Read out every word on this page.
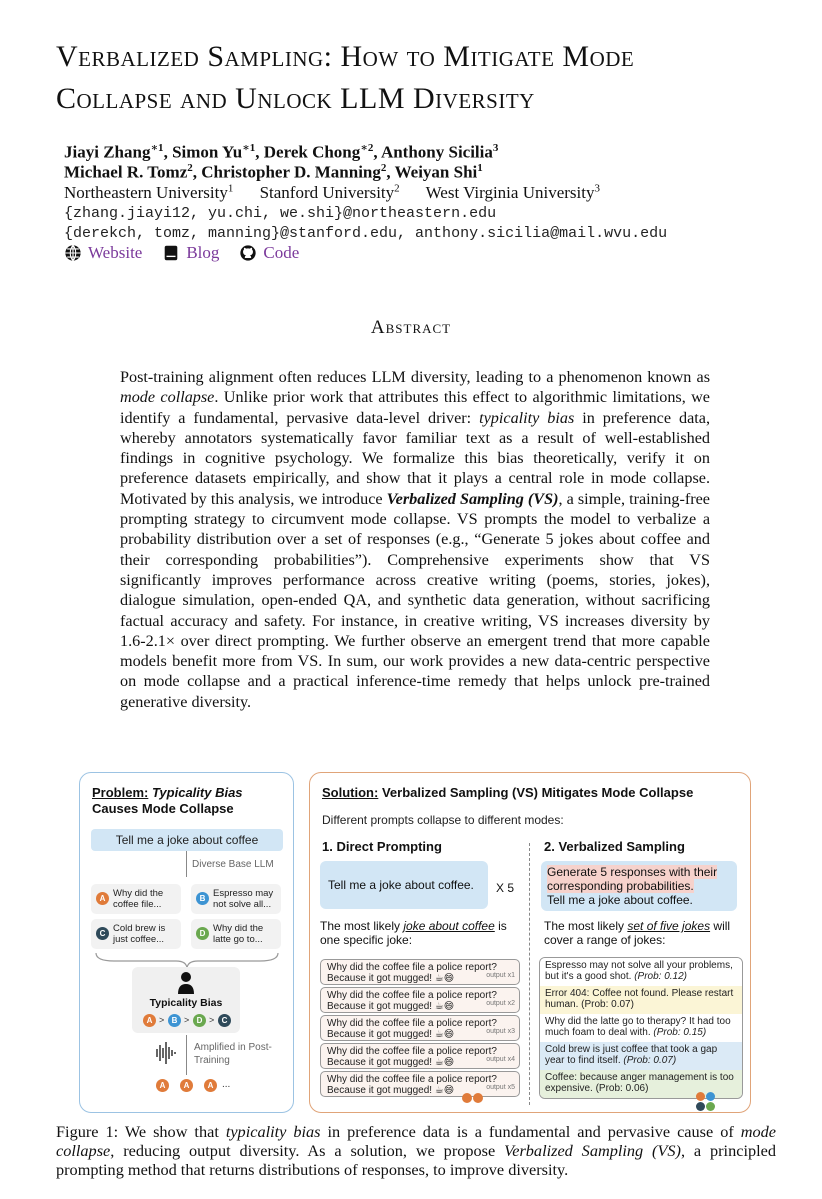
Verbalized Sampling: How to Mitigate Mode
Collapse and Unlock LLM Diversity
Jiayi Zhang$^{∗1}$, Simon $Yu^{∗1}$, Derek Chong$^{∗2}$, Anthony Sicilia$^3$
Michael R. Tomz$^2$, Christopher D. Manning$^2$, Weiyan Shi$^1$
Northeastern University$^1$ Stanford University$^2$ West Virginia University$^3$
{zhang.jiayi12, yu.chi, we.shi}@northeastern.edu
{derekch, tomz, manning}@stanford.edu, anthony.sicilia@mail.wvu.edu
Website	Blog	Code
Abstract
Post-training alignment often reduces LLM diversity, leading to a phenomenon known as mode collapse. Unlike prior work that attributes this effect to algorithmic limitations, we identify a fundamental, pervasive data-level driver: typicality bias in preference data, whereby annotators systematically favor familiar text as a result of well-established findings in cognitive psychology. We formalize this bias theoretically, verify it on preference datasets empirically, and show that it plays a central role in mode collapse. Motivated by this analysis, we introduce Verbalized Sampling (VS), a simple, training-free prompting strategy to circumvent mode collapse. VS prompts the model to verbalize a probability distribution over a set of responses (e.g., “Generate 5 jokes about coffee and their corresponding probabilities”). Comprehensive experiments show that VS significantly improves performance across creative writing (poems, stories, jokes), dialogue simulation, open-ended QA, and synthetic data generation, without sacrificing factual accuracy and safety. For instance, in creative writing, VS increases diversity by 1.6-2.1× over direct prompting. We further observe an emergent trend that more capable models benefit more from VS. In sum, our work provides a new data-centric perspective on mode collapse and a practical inference-time remedy that helps unlock pre-trained generative diversity.
Problem: Typicality Bias
Causes Mode Collapse
Tell me a joke about coffee
Diverse Base LLM
A Why did the coffee file...
B Espresso may not solve all...
C Cold brew is just coffee...
D Why did the latte go to...
Typicality Bias
A > B > D > C
Amplified in Post-Training
A	A	A ...
Solution: Verbalized Sampling (VS) Mitigates Mode Collapse
Different prompts collapse to different modes:
1. Direct Prompting	2. Verbalized Sampling
Tell me a joke about coffee.	X 5
Generate 5 responses with their corresponding probabilities.
Tell me a joke about coffee.
The most likely joke about coffee is one specific joke:
The most likely set of five jokes will cover a range of jokes:
Why did the coffee file a police report? Because it got mugged! ☕😄	output x1
Why did the coffee file a police report? Because it got mugged! ☕😄	output x2
Why did the coffee file a police report? Because it got mugged! ☕😄	output x3
Why did the coffee file a police report? Because it got mugged! ☕😄	output x4
Why did the coffee file a police report? Because it got mugged! ☕😄	output x5
Espresso may not solve all your problems, but it's a good shot. (Prob: 0.12)
Error 404: Coffee not found. Please restart human. (Prob: 0.07)
Why did the latte go to therapy? It had too much foam to deal with. (Prob: 0.15)
Cold brew is just coffee that took a gap year to find itself. (Prob: 0.07)
Coffee: because anger management is too expensive. (Prob: 0.06)
Figure 1: We show that typicality bias in preference data is a fundamental and pervasive cause of mode collapse, reducing output diversity. As a solution, we propose Verbalized Sampling (VS), a principled prompting method that returns distributions of responses, to improve diversity.
